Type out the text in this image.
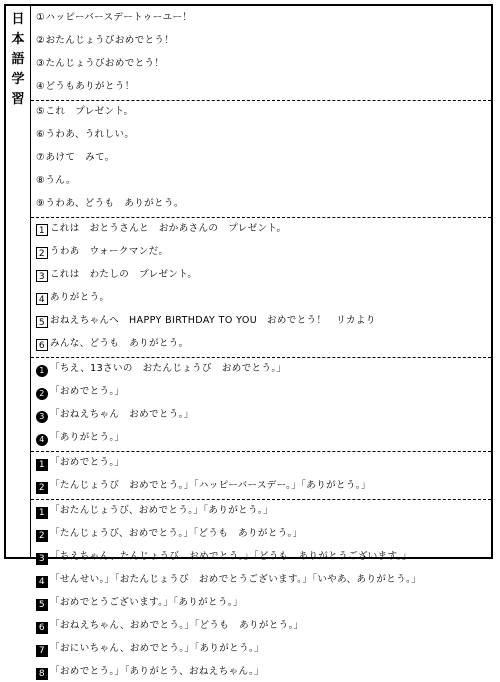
日
本
語
学
習
①ハッピーバースデートゥーユー！
②おたんじょうびおめでとう！
③たんじょうびおめでとう！
④どうもありがとう！
⑤これ　プレゼント。
⑥うわあ、うれしい。
⑦あけて　みて。
⑧うん。
⑨うわあ、どうも　ありがとう。
1 これは　おとうさんと　おかあさんの　プレゼント。
2 うわあ　ウォークマンだ。
3 これは　わたしの　プレゼント。
4 ありがとう。
5 おねえちゃんへ　HAPPY BIRTHDAY TO YOU　おめでとう！　リカより
6 みんな、どうも　ありがとう。
1 「ちえ、13さいの　おたんじょうび　おめでとう。」
2 「おめでとう。」
3 「おねえちゃん　おめでとう。」
4 「ありがとう。」
1 「おめでとう。」
2 「たんじょうび　おめでとう。」「ハッピーバースデー。」「ありがとう。」
1 「おたんじょうび、おめでとう。」「ありがとう。」
2 「たんじょうび、おめでとう。」「どうも　ありがとう。」
3 「ちえちゃん、たんじょうび　おめでとう。」「どうも　ありがとうございます。」
4 「せんせい。」「おたんじょうび　おめでとうございます。」「いやあ、ありがとう。」
5 「おめでとうございます。」「ありがとう。」
6 「おねえちゃん、おめでとう。」「どうも　ありがとう。」
7 「おにいちゃん、おめでとう。」「ありがとう。」
8 「おめでとう。」「ありがとう、おねえちゃん。」
